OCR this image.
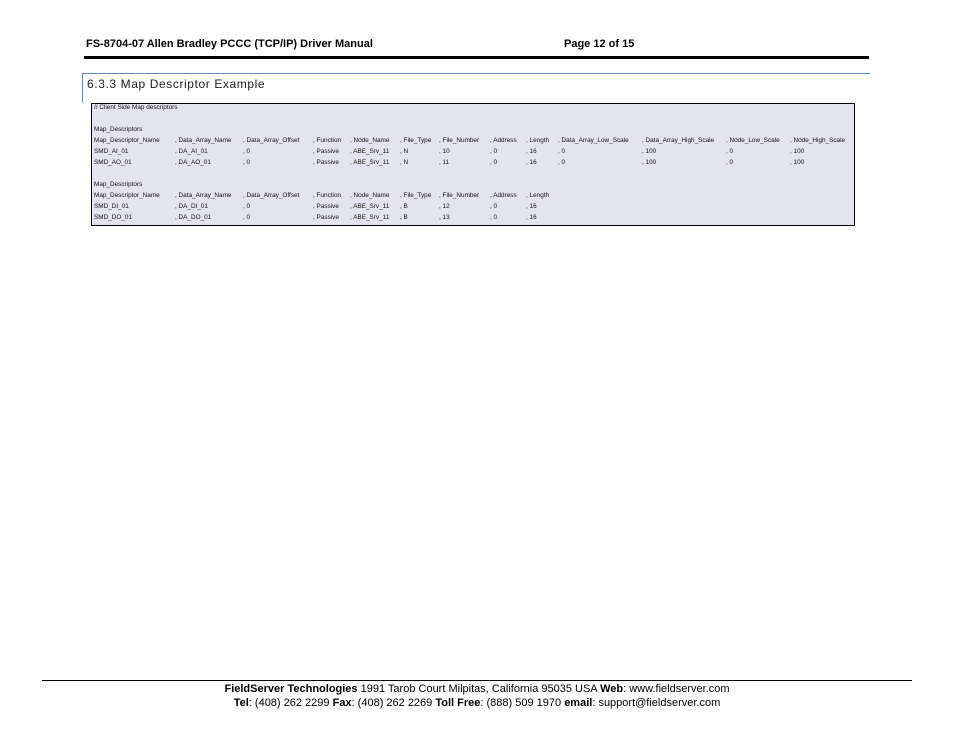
FS-8704-07 Allen Bradley PCCC (TCP/IP) Driver Manual	Page 12 of 15
6.3.3 Map Descriptor Example
// Client Side Map descriptors
Map_Descriptors
Map_Descriptor_Name , Data_Array_Name , Data_Array_Offset , Function , Node_Name , File_Type , File_Number , Address , Length , Data_Array_Low_Scale , Data_Array_High_Scale , Node_Low_Scale , Node_High_Scale
SMD_AI_01	, DA_AI_01	, 0	, Passive , ABE_Srv_11 , N	, 10	, 0	, 16	, 0	, 100	, 0	, 100
SMD_AO_01	, DA_AO_01	, 0	, Passive , ABE_Srv_11 , N	, 11	, 0	, 16	, 0	, 100	, 0	, 100
Map_Descriptors
Map_Descriptor_Name , Data_Array_Name , Data_Array_Offset , Function , Node_Name , File_Type , File_Number , Address , Length
SMD_DI_01	, DA_DI_01	, 0	, Passive , ABE_Srv_11 , B	, 12	, 0	, 16
SMD_DO_01	, DA_DO_01	, 0	, Passive , ABE_Srv_11 , B	, 13	, 0	, 16
FieldServer Technologies 1991 Tarob Court Milpitas, California 95035 USA Web: www.fieldserver.com
Tel: (408) 262 2299 Fax: (408) 262 2269 Toll Free: (888) 509 1970 email: support@fieldserver.com
